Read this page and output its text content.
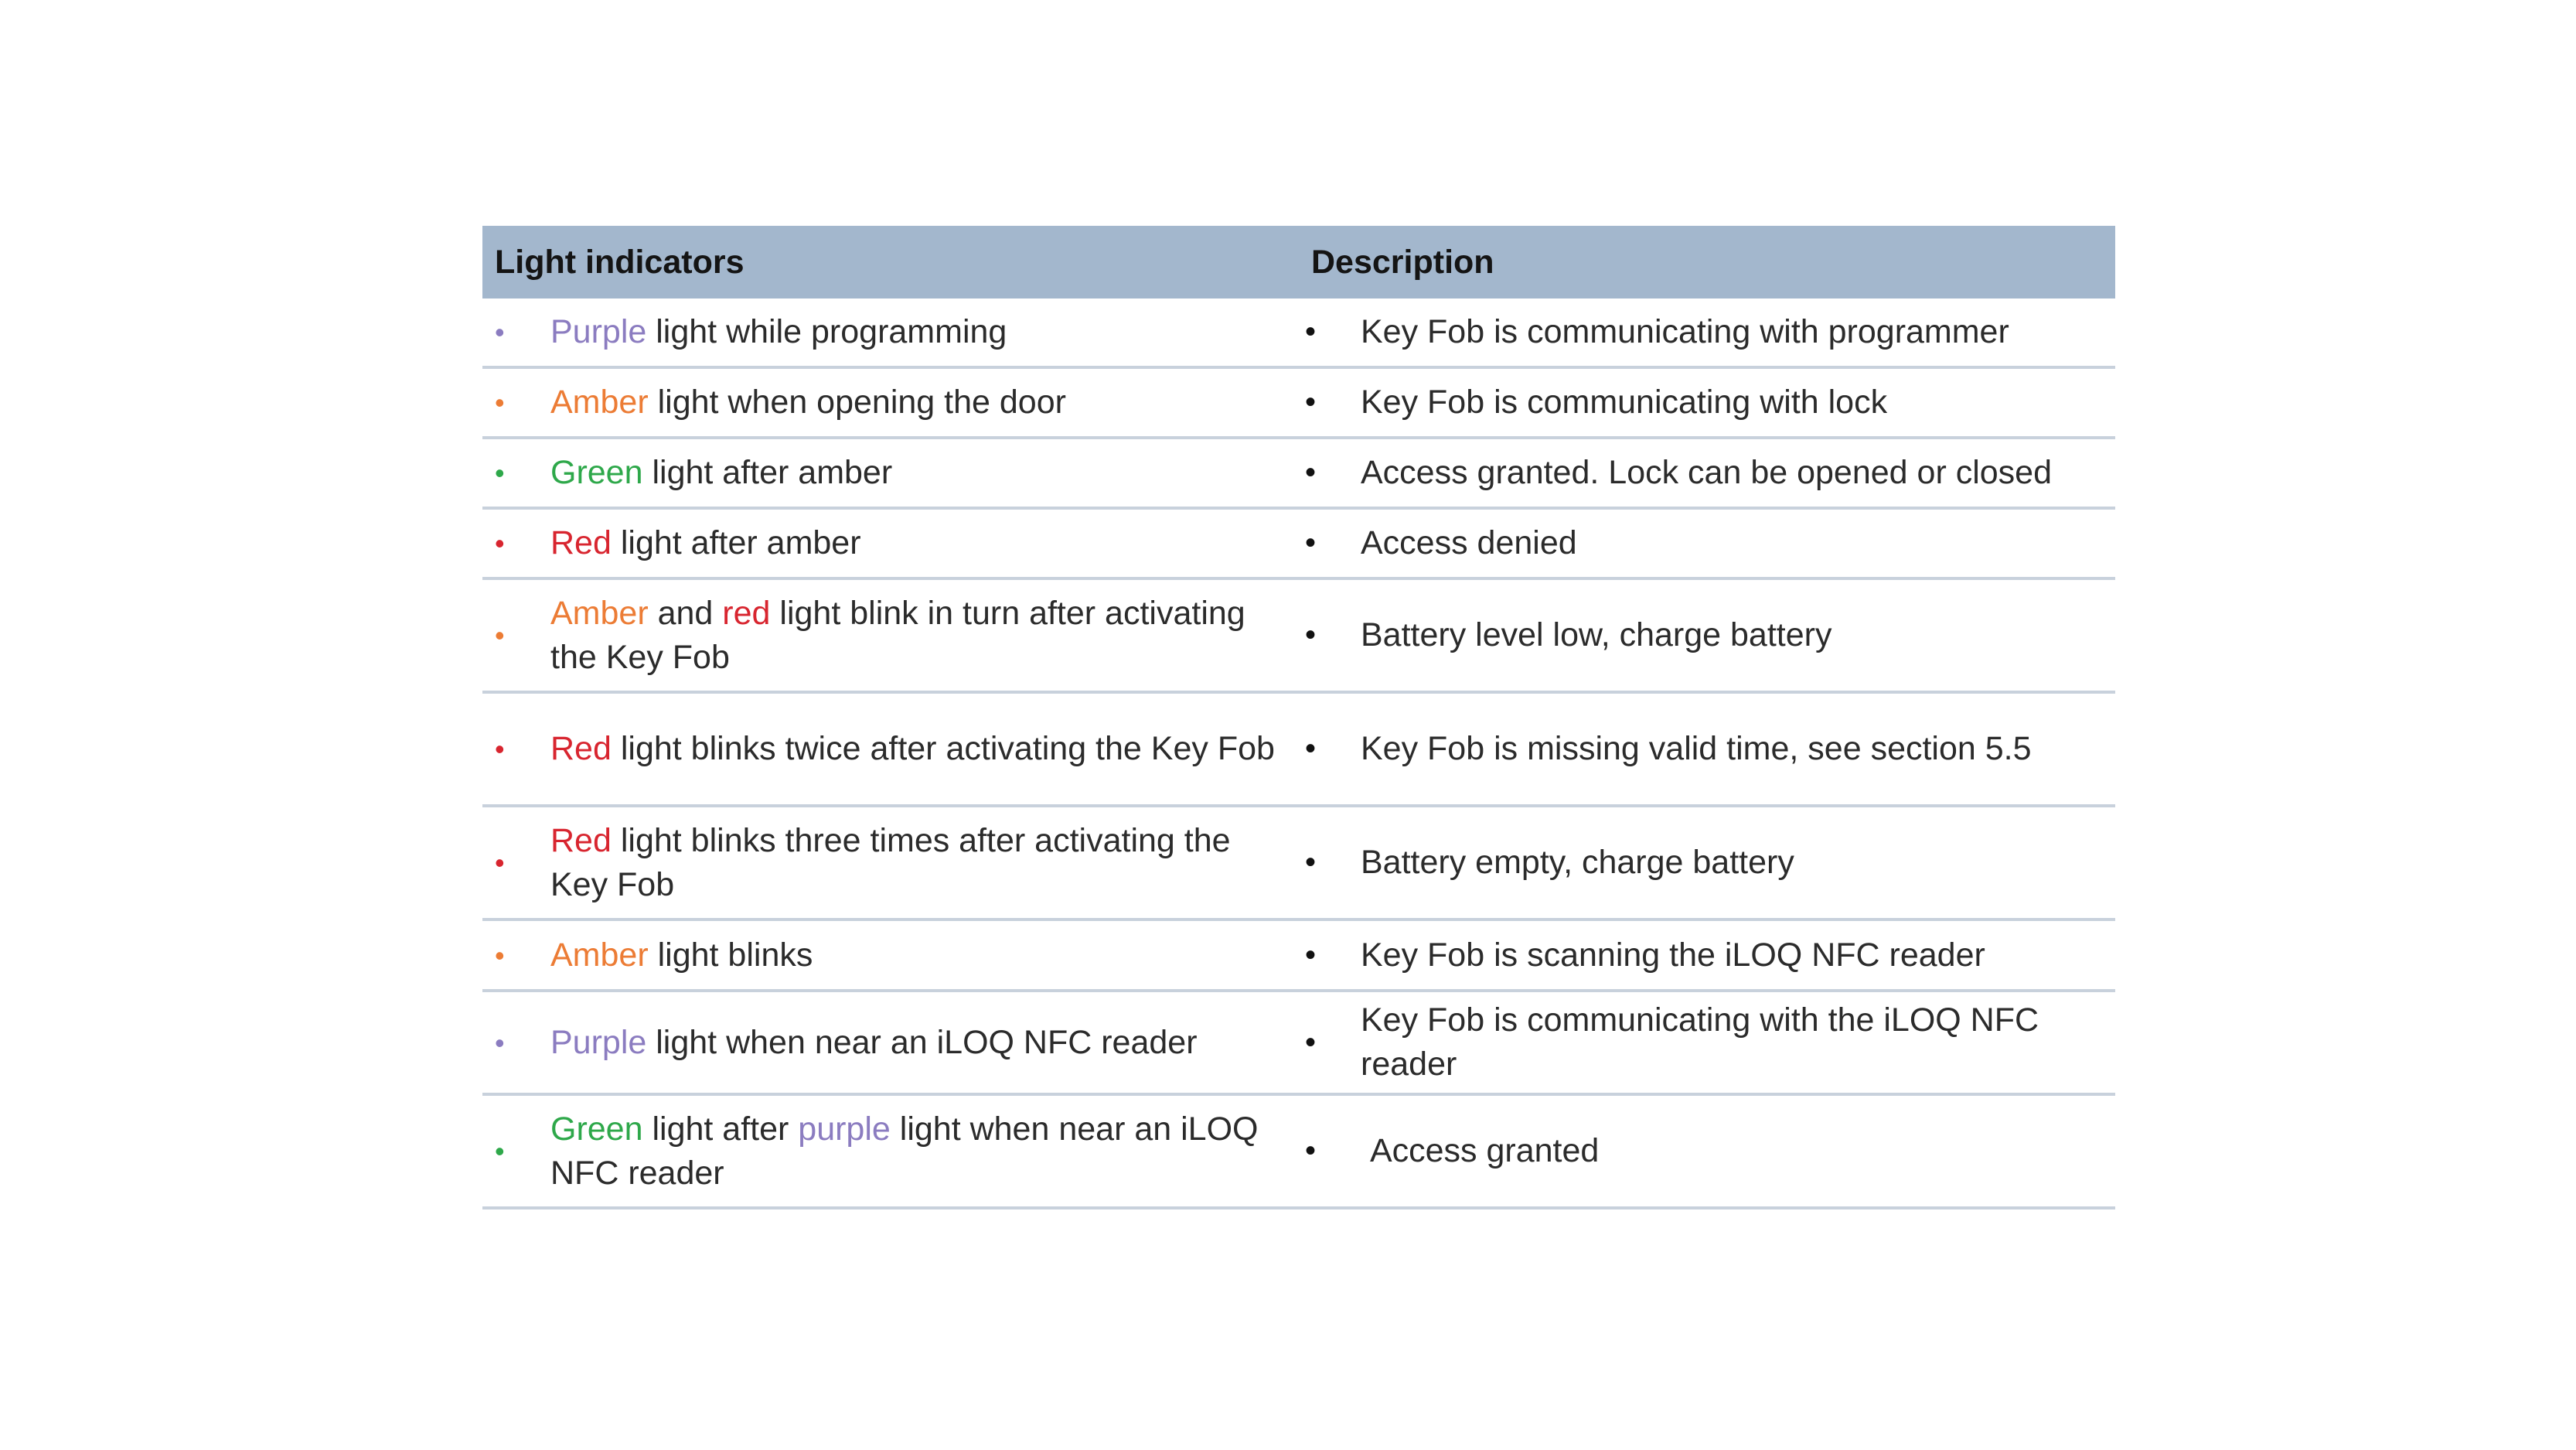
Light indicators	Description

• Purple light while programming	• Key Fob is communicating with programmer

• Amber light when opening the door	• Key Fob is communicating with lock

• Green light after amber	• Access granted. Lock can be opened or closed

• Red light after amber	• Access denied

•
Amber and red light blink in turn after activating the Key Fob	• Battery level low, charge battery

• Red light blinks twice after activating the Key Fob	• Key Fob is missing valid time, see section 5.5

•
Red light blinks three times after activating the Key Fob	• Battery empty, charge battery

• Amber light blinks	• Key Fob is scanning the iLOQ NFC reader

• Purple light when near an iLOQ NFC reader	•
Key Fob is communicating with the iLOQ NFC reader

•
Green light after purple light when near an iLOQ NFC reader	• Access granted
